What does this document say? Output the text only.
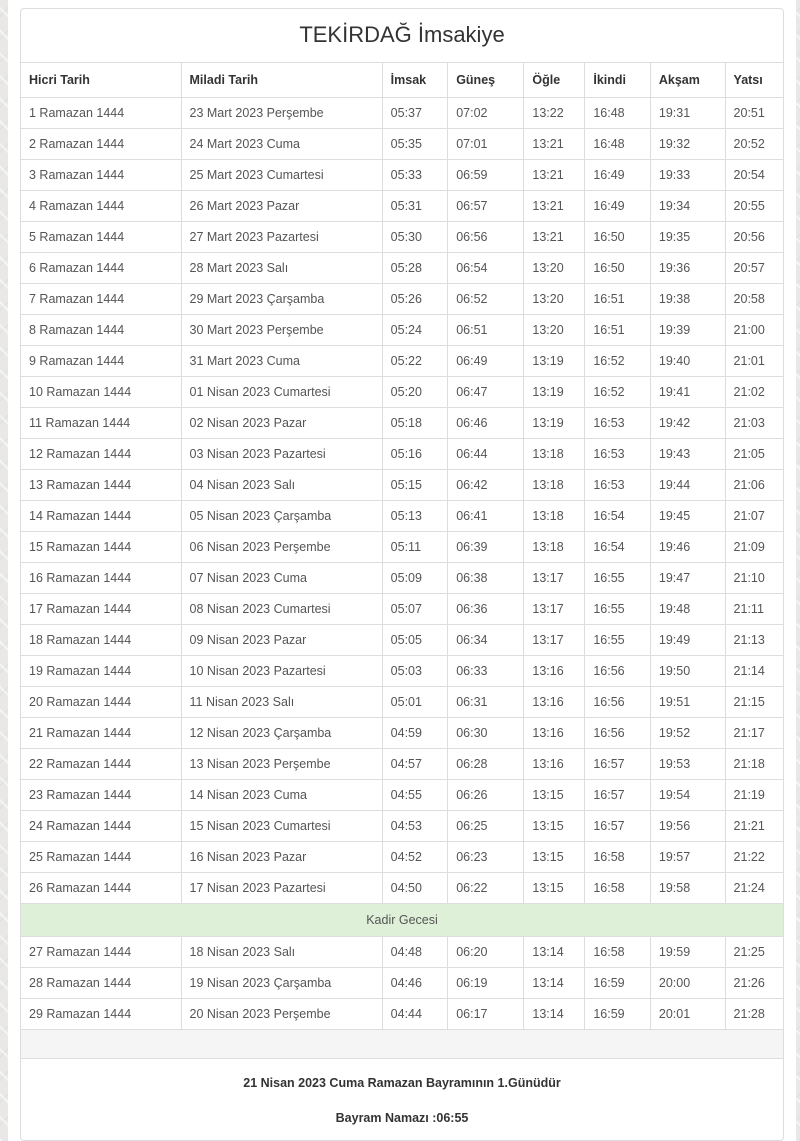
TEKİRDAĞ İmsakiye
Hicri Tarih	Miladi Tarih	İmsak	Güneş	Öğle	İkindi	Akşam	Yatsı
1 Ramazan 1444	23 Mart 2023 Perşembe	05:37	07:02	13:22	16:48	19:31	20:51
2 Ramazan 1444	24 Mart 2023 Cuma	05:35	07:01	13:21	16:48	19:32	20:52
3 Ramazan 1444	25 Mart 2023 Cumartesi	05:33	06:59	13:21	16:49	19:33	20:54
4 Ramazan 1444	26 Mart 2023 Pazar	05:31	06:57	13:21	16:49	19:34	20:55
5 Ramazan 1444	27 Mart 2023 Pazartesi	05:30	06:56	13:21	16:50	19:35	20:56
6 Ramazan 1444	28 Mart 2023 Salı	05:28	06:54	13:20	16:50	19:36	20:57
7 Ramazan 1444	29 Mart 2023 Çarşamba	05:26	06:52	13:20	16:51	19:38	20:58
8 Ramazan 1444	30 Mart 2023 Perşembe	05:24	06:51	13:20	16:51	19:39	21:00
9 Ramazan 1444	31 Mart 2023 Cuma	05:22	06:49	13:19	16:52	19:40	21:01
10 Ramazan 1444	01 Nisan 2023 Cumartesi	05:20	06:47	13:19	16:52	19:41	21:02
11 Ramazan 1444	02 Nisan 2023 Pazar	05:18	06:46	13:19	16:53	19:42	21:03
12 Ramazan 1444	03 Nisan 2023 Pazartesi	05:16	06:44	13:18	16:53	19:43	21:05
13 Ramazan 1444	04 Nisan 2023 Salı	05:15	06:42	13:18	16:53	19:44	21:06
14 Ramazan 1444	05 Nisan 2023 Çarşamba	05:13	06:41	13:18	16:54	19:45	21:07
15 Ramazan 1444	06 Nisan 2023 Perşembe	05:11	06:39	13:18	16:54	19:46	21:09
16 Ramazan 1444	07 Nisan 2023 Cuma	05:09	06:38	13:17	16:55	19:47	21:10
17 Ramazan 1444	08 Nisan 2023 Cumartesi	05:07	06:36	13:17	16:55	19:48	21:11
18 Ramazan 1444	09 Nisan 2023 Pazar	05:05	06:34	13:17	16:55	19:49	21:13
19 Ramazan 1444	10 Nisan 2023 Pazartesi	05:03	06:33	13:16	16:56	19:50	21:14
20 Ramazan 1444	11 Nisan 2023 Salı	05:01	06:31	13:16	16:56	19:51	21:15
21 Ramazan 1444	12 Nisan 2023 Çarşamba	04:59	06:30	13:16	16:56	19:52	21:17
22 Ramazan 1444	13 Nisan 2023 Perşembe	04:57	06:28	13:16	16:57	19:53	21:18
23 Ramazan 1444	14 Nisan 2023 Cuma	04:55	06:26	13:15	16:57	19:54	21:19
24 Ramazan 1444	15 Nisan 2023 Cumartesi	04:53	06:25	13:15	16:57	19:56	21:21
25 Ramazan 1444	16 Nisan 2023 Pazar	04:52	06:23	13:15	16:58	19:57	21:22
26 Ramazan 1444	17 Nisan 2023 Pazartesi	04:50	06:22	13:15	16:58	19:58	21:24
Kadir Gecesi							
27 Ramazan 1444	18 Nisan 2023 Salı	04:48	06:20	13:14	16:58	19:59	21:25
28 Ramazan 1444	19 Nisan 2023 Çarşamba	04:46	06:19	13:14	16:59	20:00	21:26
29 Ramazan 1444	20 Nisan 2023 Perşembe	04:44	06:17	13:14	16:59	20:01	21:28

21 Nisan 2023 Cuma Ramazan Bayramının 1.Günüdür
Bayram Namazı :06:55
